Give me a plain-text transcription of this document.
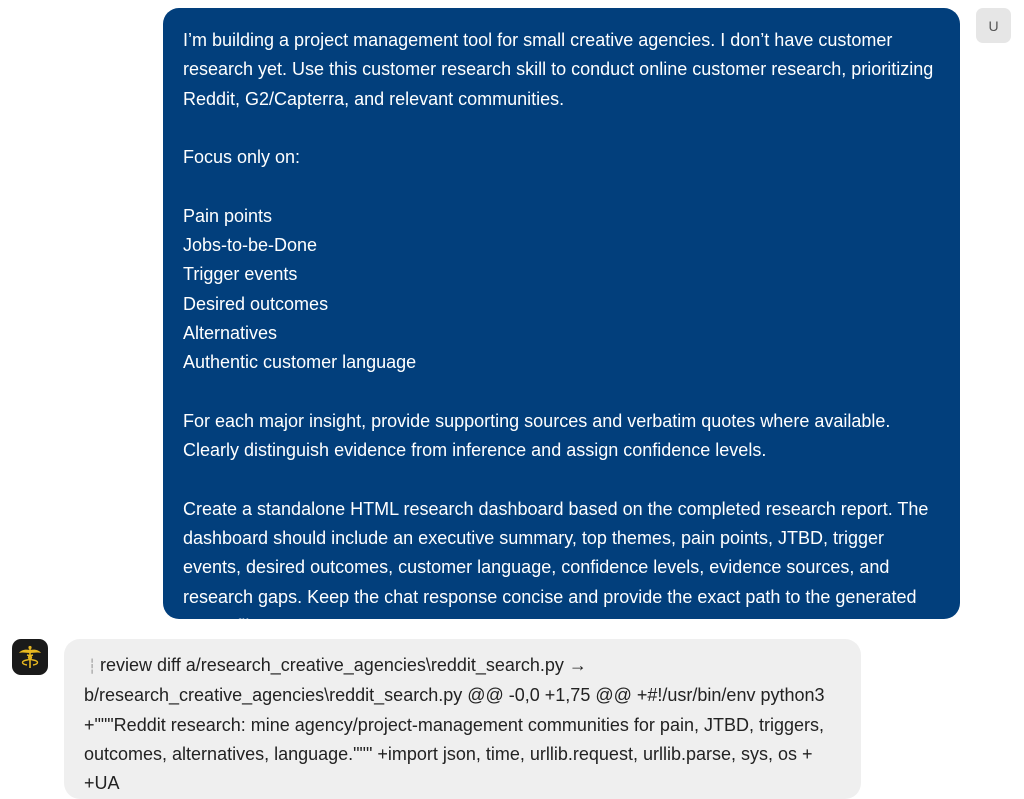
I’m building a project management tool for small creative agencies. I don’t have customer research yet. Use this customer research skill to conduct online customer research, prioritizing Reddit, G2/Capterra, and relevant communities.

Focus only on:

Pain points

Jobs-to-be-Done

Trigger events

Desired outcomes

Alternatives

Authentic customer language

For each major insight, provide supporting sources and verbatim quotes where available. Clearly distinguish evidence from inference and assign confidence levels.

Create a standalone HTML research dashboard based on the completed research report. The dashboard should include an executive summary, top themes, pain points, JTBD, trigger events, desired outcomes, customer language, confidence levels, evidence sources, and research gaps. Keep the chat response concise and provide the exact path to the generated HTML file.

U
┆ review diff a/research_creative_agencies\reddit_search.py → b/research_creative_agencies\reddit_search.py @@ -0,0 +1,75 @@ +#!/usr/bin/env python3 +"""Reddit research: mine agency/project-management communities for pain, JTBD, triggers, outcomes, alternatives, language.""" +import json, time, urllib.request, urllib.parse, sys, os + +UA
